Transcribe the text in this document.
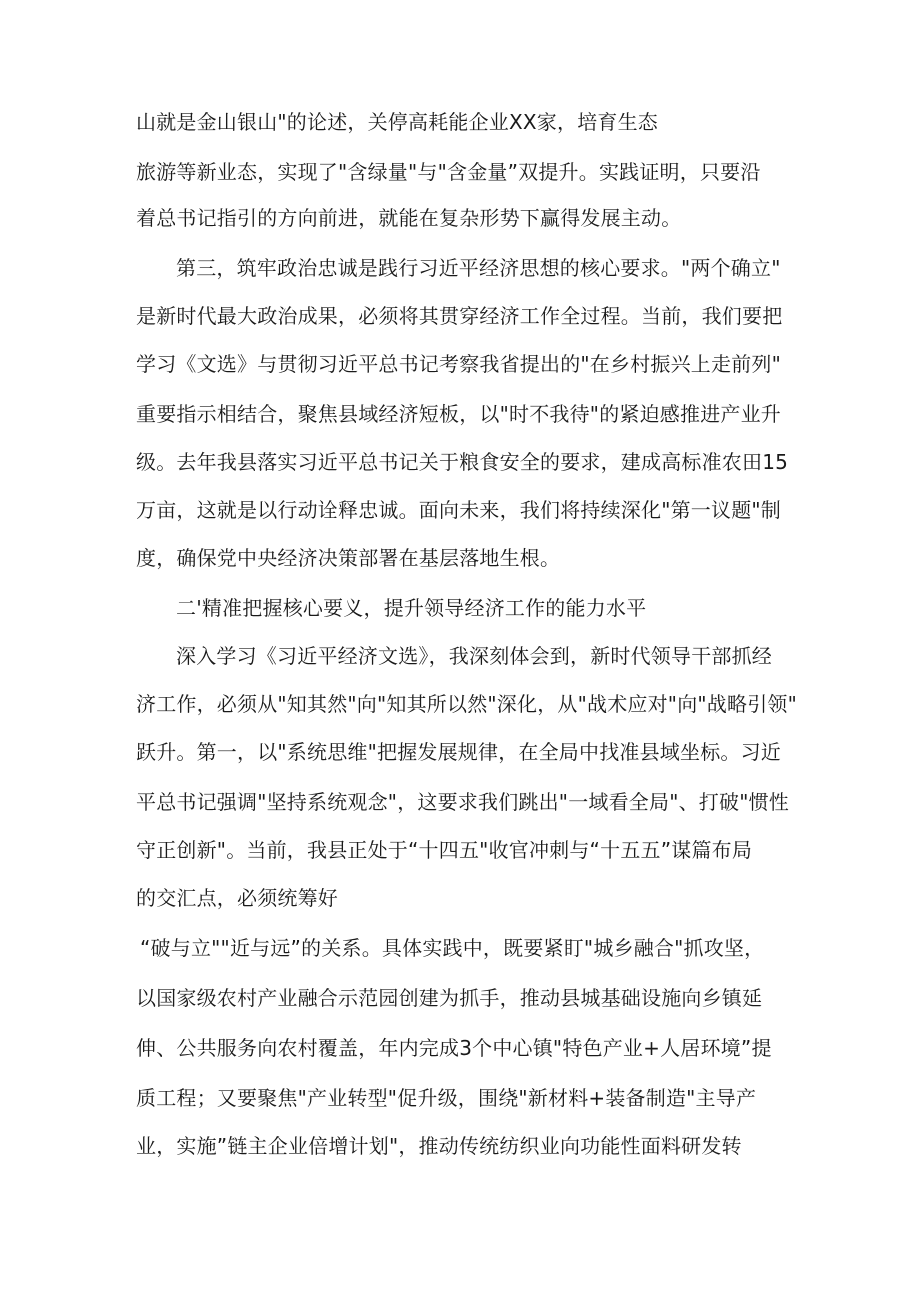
山就是金山银山"的论述，关停高耗能企业XX家，培育生态
旅游等新业态，实现了"含绿量"与"含金量”双提升。实践证明，只要沿
着总书记指引的方向前进，就能在复杂形势下赢得发展主动。
第三，筑牢政治忠诚是践行习近平经济思想的核心要求。"两个确立"
是新时代最大政治成果，必须将其贯穿经济工作全过程。当前，我们要把
学习《文选》与贯彻习近平总书记考察我省提出的"在乡村振兴上走前列"
重要指示相结合，聚焦县域经济短板，以"时不我待"的紧迫感推进产业升
级。去年我县落实习近平总书记关于粮食安全的要求，建成高标准农田15
万亩，这就是以行动诠释忠诚。面向未来，我们将持续深化"第一议题"制
度，确保党中央经济决策部署在基层落地生根。
二'精准把握核心要义，提升领导经济工作的能力水平
深入学习《习近平经济文选》，我深刻体会到，新时代领导干部抓经
济工作，必须从"知其然"向"知其所以然"深化，从"战术应对"向"战略引领"
跃升。第一，以"系统思维"把握发展规律，在全局中找准县域坐标。习近
平总书记强调"坚持系统观念"，这要求我们跳出"一域看全局"、打破"惯性
守正创新"。当前，我县正处于“十四五"收官冲刺与“十五五”谋篇布局
的交汇点，必须统筹好
“破与立""近与远”的关系。具体实践中，既要紧盯"城乡融合"抓攻坚，
以国家级农村产业融合示范园创建为抓手，推动县城基础设施向乡镇延
伸、公共服务向农村覆盖，年内完成3个中心镇"特色产业+人居环境”提
质工程；又要聚焦"产业转型"促升级，围绕"新材料+装备制造"主导产
业，实施”链主企业倍增计划"，推动传统纺织业向功能性面料研发转
